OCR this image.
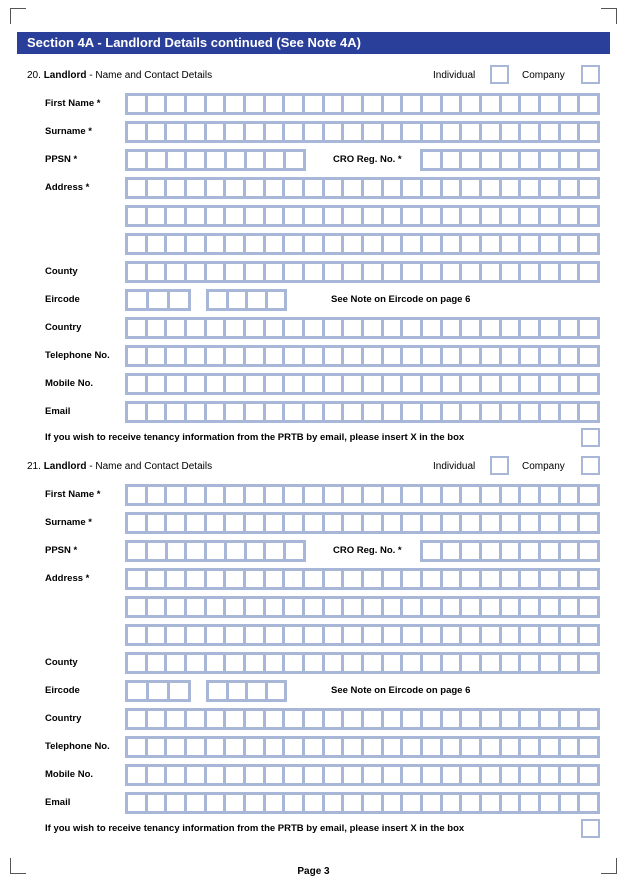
Section 4A - Landlord Details continued (See Note 4A)
20. Landlord - Name and Contact Details	Individual	Company
First Name *
Surname *
PPSN *	CRO Reg. No. *
Address *
County
Eircode	See Note on Eircode on page 6
Country
Telephone No.
Mobile No.
Email
If you wish to receive tenancy information from the PRTB by email, please insert X in the box
21. Landlord - Name and Contact Details	Individual	Company
First Name *
Surname *
PPSN *	CRO Reg. No. *
Address *
County
Eircode	See Note on Eircode on page 6
Country
Telephone No.
Mobile No.
Email
If you wish to receive tenancy information from the PRTB by email, please insert X in the box
Page 3
